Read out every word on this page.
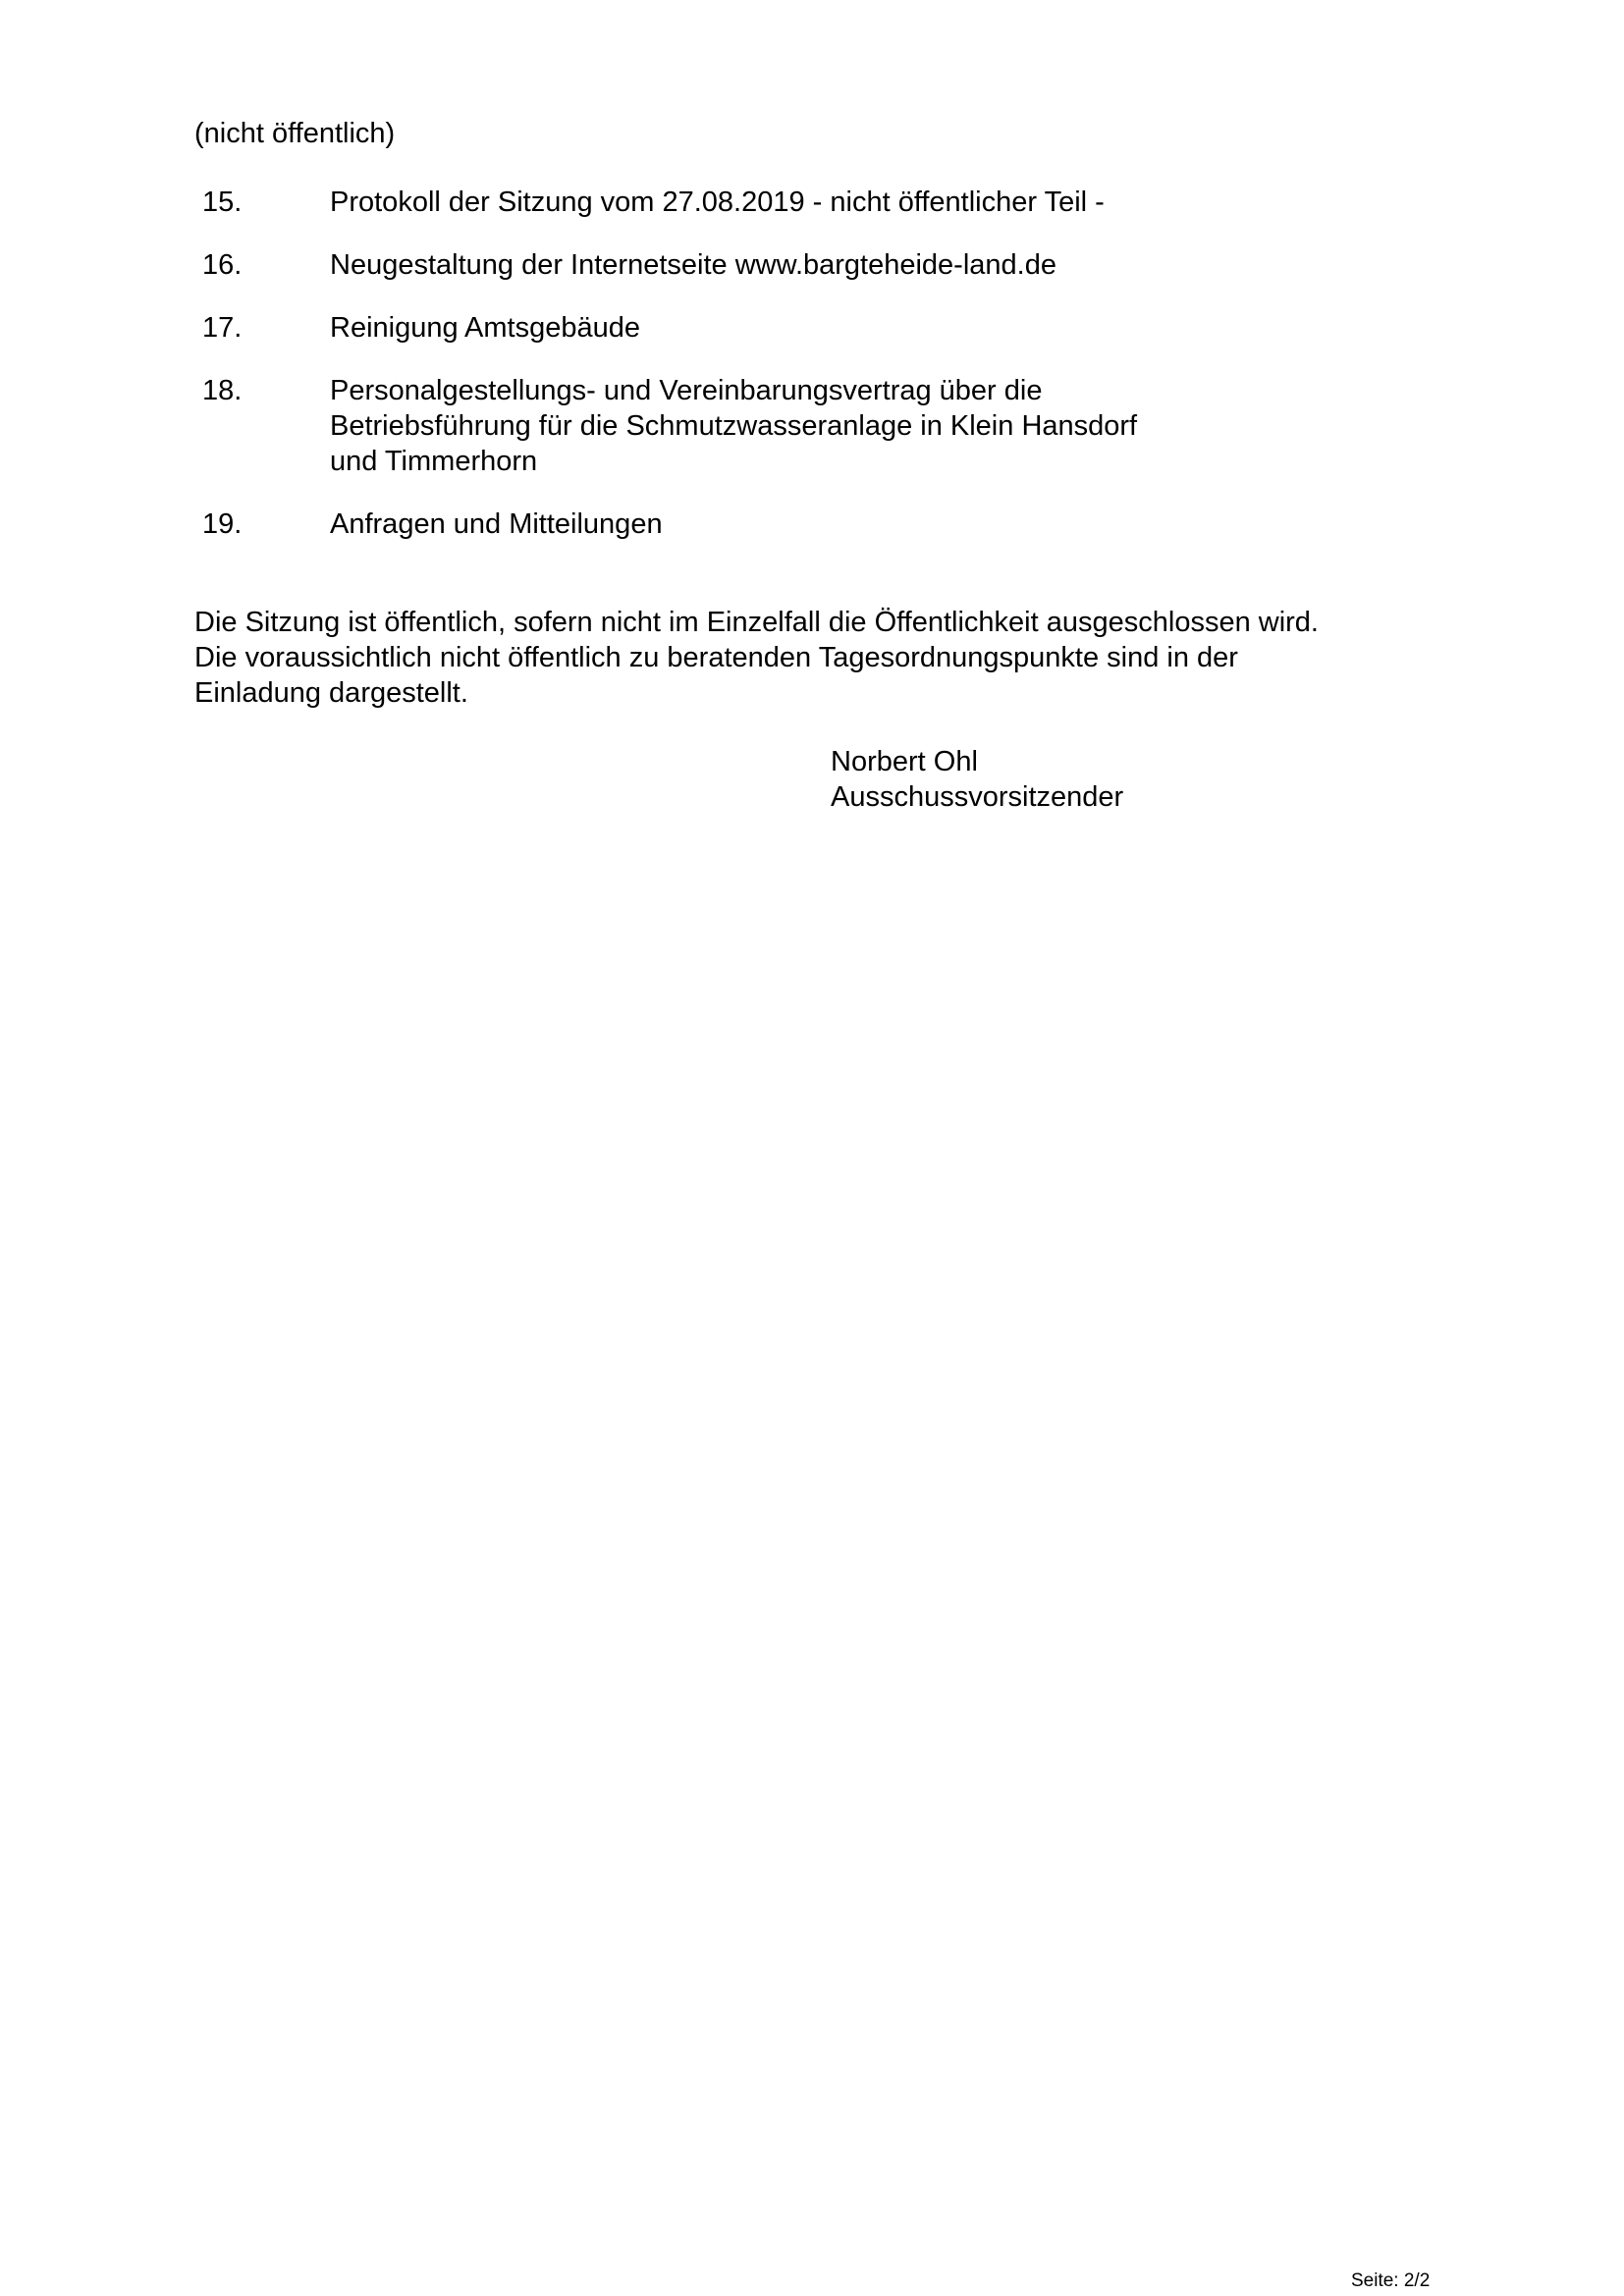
(nicht öffentlich)

15.	Protokoll der Sitzung vom 27.08.2019 - nicht öffentlicher Teil -
16.	Neugestaltung der Internetseite www.bargteheide-land.de
17.	Reinigung Amtsgebäude
18.	Personalgestellungs- und Vereinbarungsvertrag über die
Betriebsführung für die Schmutzwasseranlage in Klein Hansdorf
und Timmerhorn
19.	Anfragen und Mitteilungen

Die Sitzung ist öffentlich, sofern nicht im Einzelfall die Öffentlichkeit ausgeschlossen wird.
Die voraussichtlich nicht öffentlich zu beratenden Tagesordnungspunkte sind in der
Einladung dargestellt.

Norbert Ohl
Ausschussvorsitzender
Seite: 2/2
